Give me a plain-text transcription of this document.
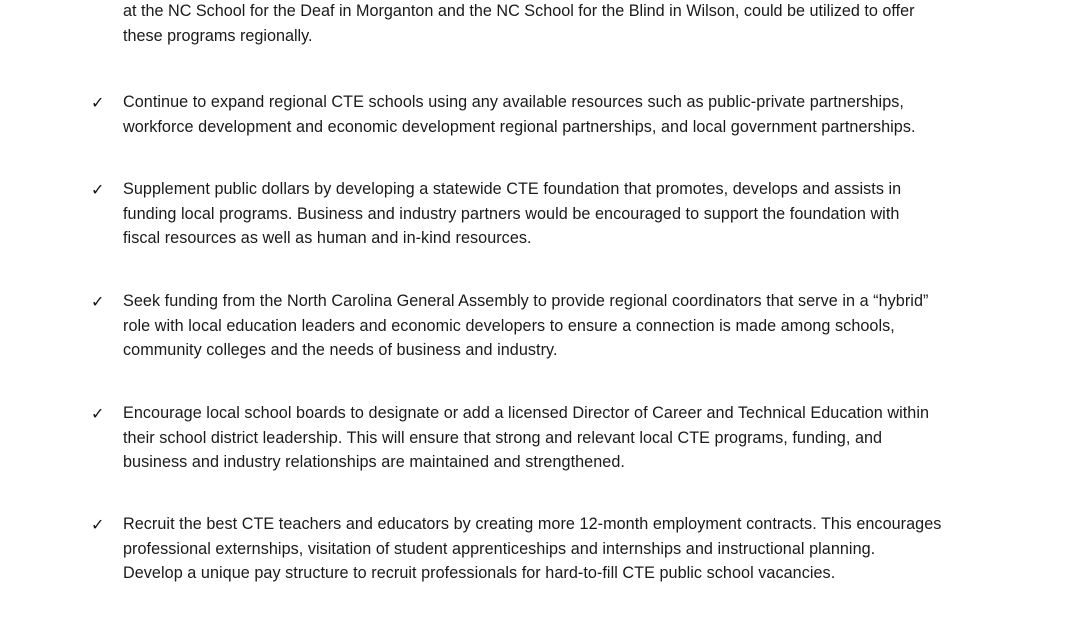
at the NC School for the Deaf in Morganton and the NC School for the Blind in Wilson, could be utilized to offer
these programs regionally.
✓ Continue to expand regional CTE schools using any available resources such as public-private partnerships,
workforce development and economic development regional partnerships, and local government partnerships.
✓ Supplement public dollars by developing a statewide CTE foundation that promotes, develops and assists in
funding local programs. Business and industry partners would be encouraged to support the foundation with
fiscal resources as well as human and in-kind resources.
✓ Seek funding from the North Carolina General Assembly to provide regional coordinators that serve in a “hybrid”
role with local education leaders and economic developers to ensure a connection is made among schools,
community colleges and the needs of business and industry.
✓ Encourage local school boards to designate or add a licensed Director of Career and Technical Education within
their school district leadership. This will ensure that strong and relevant local CTE programs, funding, and
business and industry relationships are maintained and strengthened.
✓ Recruit the best CTE teachers and educators by creating more 12-month employment contracts. This encourages
professional externships, visitation of student apprenticeships and internships and instructional planning.
Develop a unique pay structure to recruit professionals for hard-to-fill CTE public school vacancies.
